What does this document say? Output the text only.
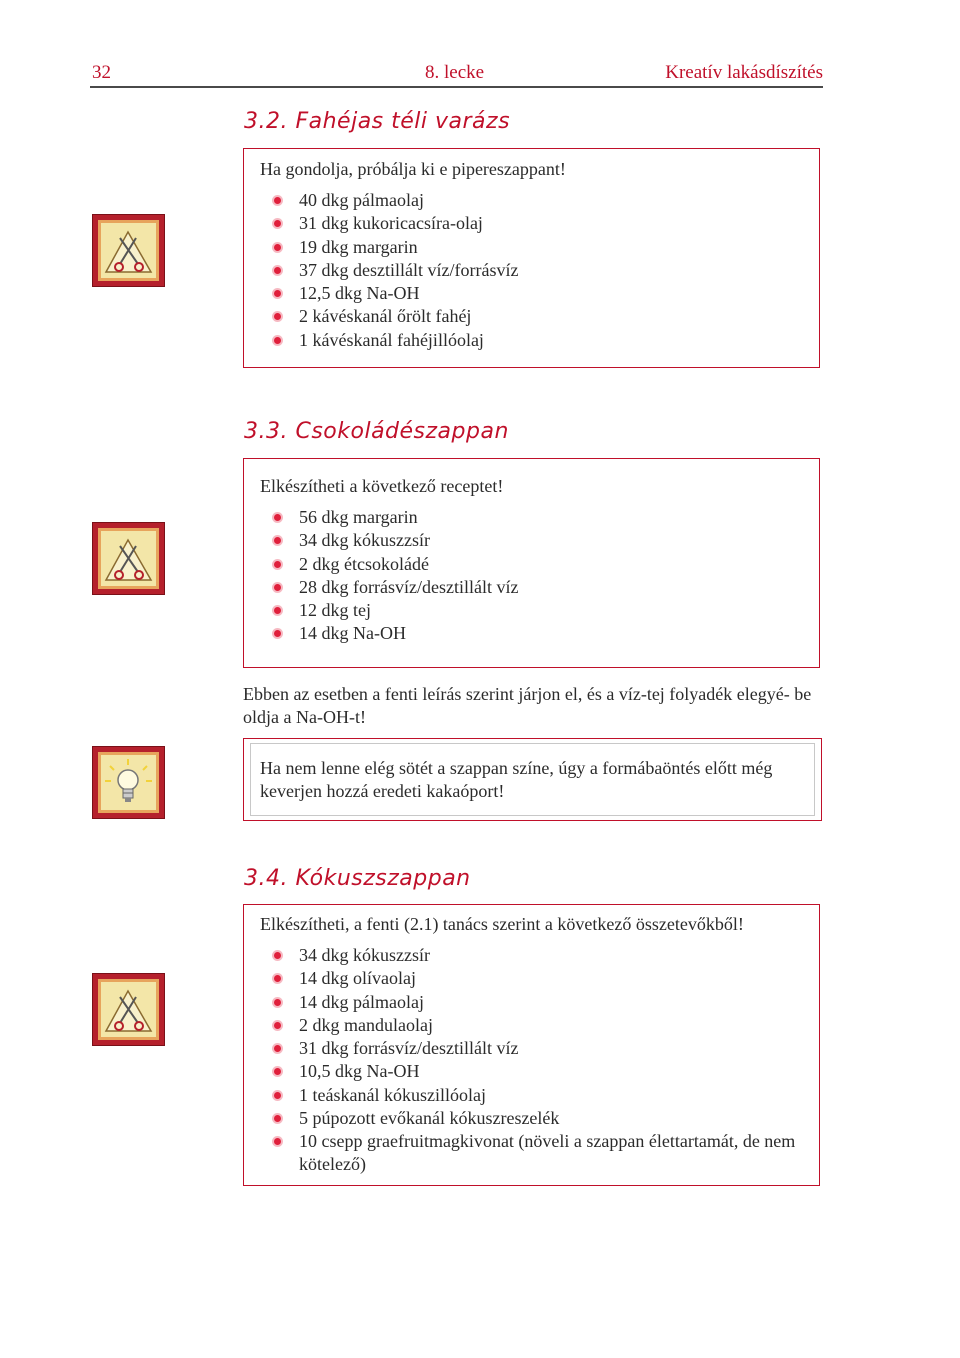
32	8. lecke	Kreatív lakásdíszítés
3.2. Fahéjas téli varázs
Ha gondolja, próbálja ki e pipereszappant!
40 dkg pálmaolaj
31 dkg kukoricacsíra-olaj
19 dkg margarin
37 dkg desztillált víz/forrásvíz
12,5 dkg Na-OH
2 kávéskanál őrölt fahéj
1 kávéskanál fahéjillóolaj
3.3. Csokoládészappan
Elkészítheti a következő receptet!
56 dkg margarin
34 dkg kókuszzsír
2 dkg étcsokoládé
28 dkg forrásvíz/desztillált víz
12 dkg tej
14 dkg Na-OH
Ebben az esetben a fenti leírás szerint járjon el, és a víz-tej folyadék elegyé- be oldja a Na-OH-t!
Ha nem lenne elég sötét a szappan színe, úgy a formábaöntés előtt még keverjen hozzá eredeti kakaóport!
3.4. Kókuszszappan
Elkészítheti, a fenti (2.1) tanács szerint a következő összetevőkből!
34 dkg kókuszzsír
14 dkg olívaolaj
14 dkg pálmaolaj
2 dkg mandulaolaj
31 dkg forrásvíz/desztillált víz
10,5 dkg Na-OH
1 teáskanál kókuszillóolaj
5 púpozott evőkanál kókuszreszelék
10 csepp graefruitmagkivonat (növeli a szappan élettartamát, de nem kötelező)
